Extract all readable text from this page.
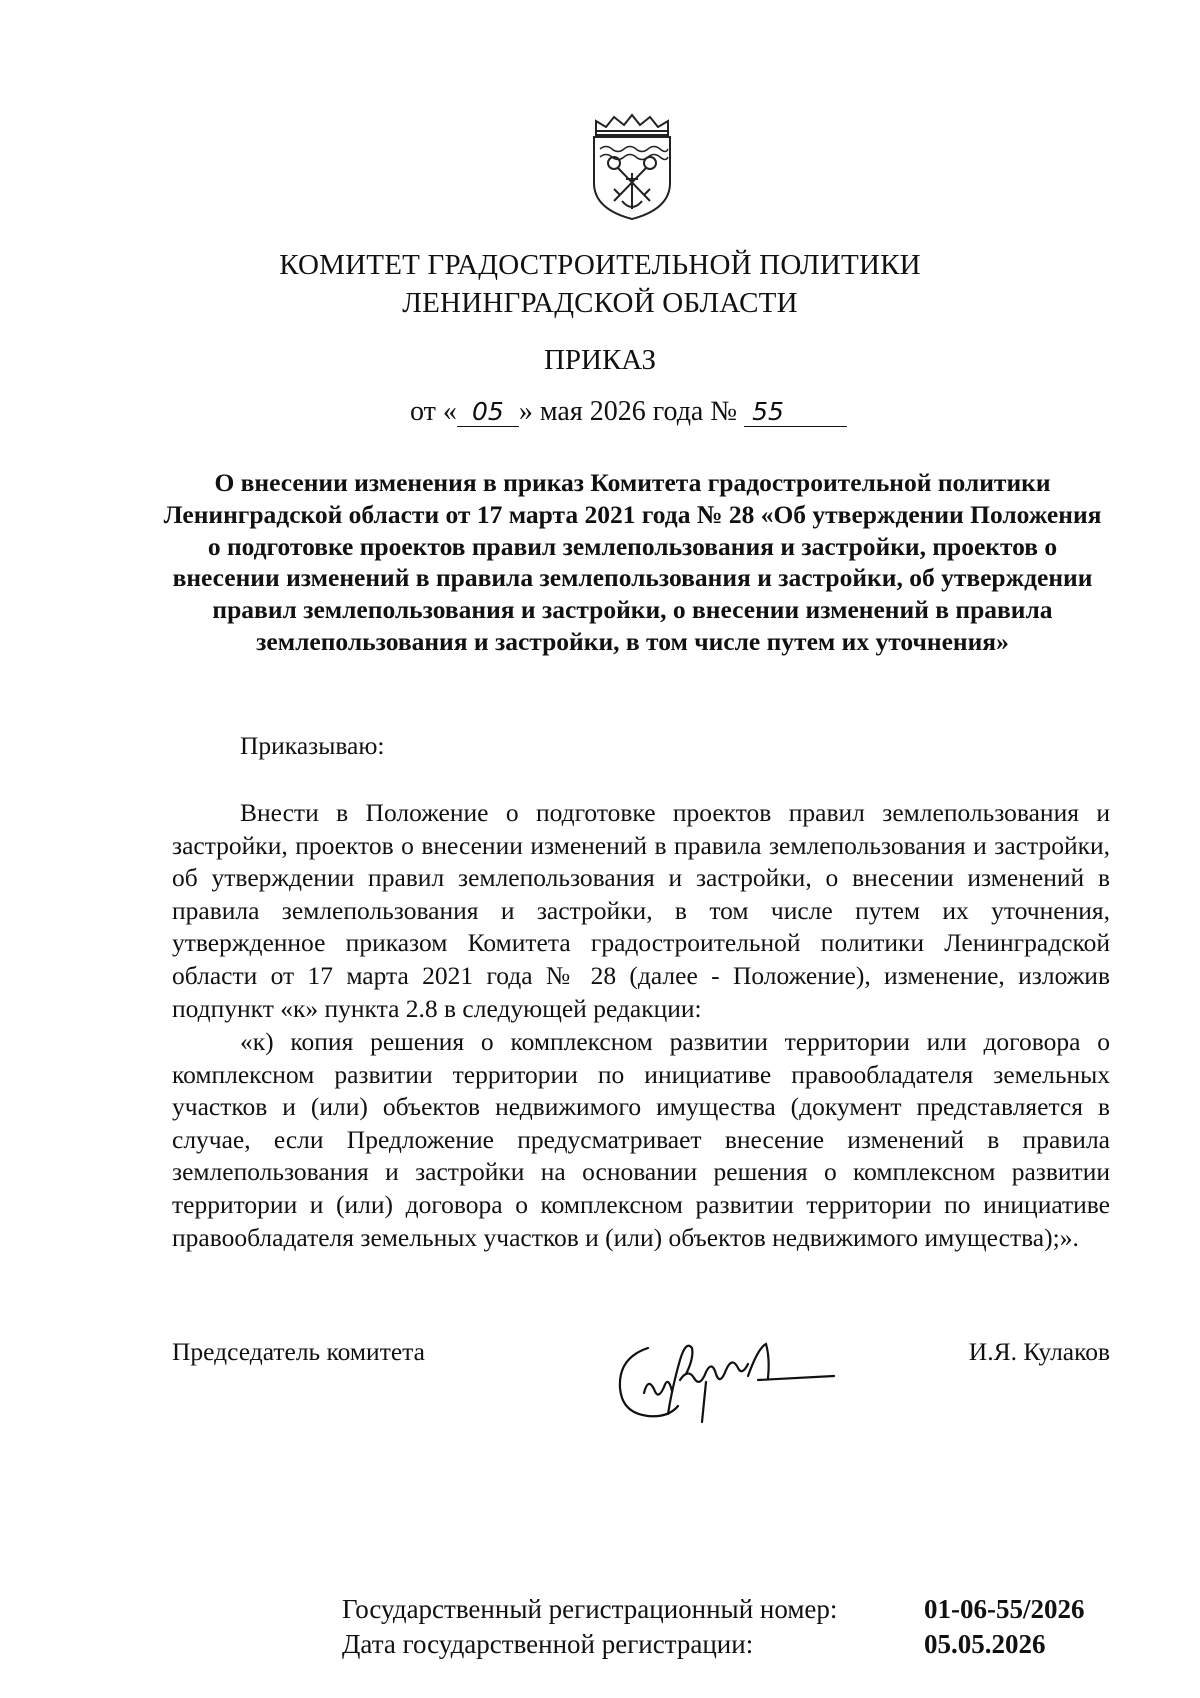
КОМИТЕТ ГРАДОСТРОИТЕЛЬНОЙ ПОЛИТИКИ
ЛЕНИНГРАДСКОЙ ОБЛАСТИ
ПРИКАЗ
от « 05 » мая 2026 года № 55
О внесении изменения в приказ Комитета градостроительной политики Ленинградской области от 17 марта 2021 года № 28 «Об утверждении Положения о подготовке проектов правил землепользования и застройки, проектов о внесении изменений в правила землепользования и застройки, об утверждении правил землепользования и застройки, о внесении изменений в правила землепользования и застройки, в том числе путем их уточнения»
Приказываю:
Внести в Положение о подготовке проектов правил землепользования и застройки, проектов о внесении изменений в правила землепользования и застройки, об утверждении правил землепользования и застройки, о внесении изменений в правила землепользования и застройки, в том числе путем их уточнения, утвержденное приказом Комитета градостроительной политики Ленинградской области от 17 марта 2021 года № 28 (далее - Положение), изменение, изложив подпункт «к» пункта 2.8 в следующей редакции:
«к) копия решения о комплексном развитии территории или договора о комплексном развитии территории по инициативе правообладателя земельных участков и (или) объектов недвижимого имущества (документ представляется в случае, если Предложение предусматривает внесение изменений в правила землепользования и застройки на основании решения о комплексном развитии территории и (или) договора о комплексном развитии территории по инициативе правообладателя земельных участков и (или) объектов недвижимого имущества);».
Председатель комитета	И.Я. Кулаков
Государственный регистрационный номер:	01-06-55/2026
Дата государственной регистрации:	05.05.2026
